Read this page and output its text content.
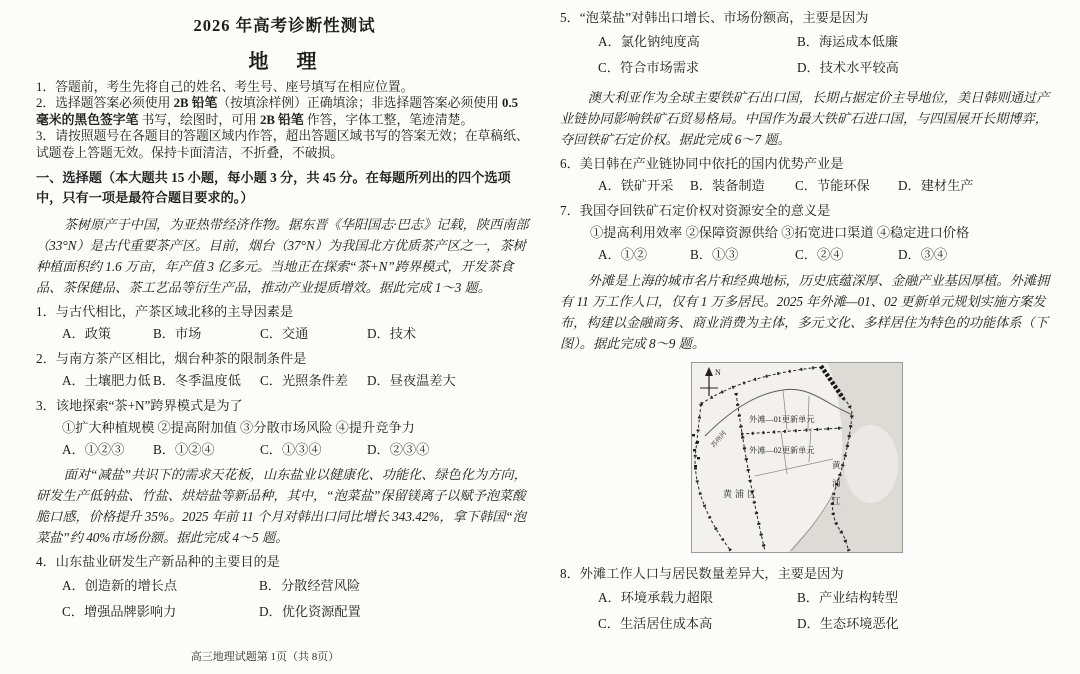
2026 年高考诊断性测试
地　理
1．答题前，考生先将自己的姓名、考生号、座号填写在相应位置。
2．选择题答案必须使用 2B 铅笔（按填涂样例）正确填涂；非选择题答案必须使用 0.5 毫米的黑色签字笔 书写，绘图时，可用 2B 铅笔 作答，字体工整，笔迹清楚。
3．请按照题号在各题目的答题区域内作答，超出答题区域书写的答案无效；在草稿纸、试题卷上答题无效。保持卡面清洁，不折叠，不破损。
一、选择题（本大题共 15 小题，每小题 3 分，共 45 分。在每题所列出的四个选项中，只有一项是最符合题目要求的。）
茶树原产于中国，为亚热带经济作物。据东晋《华阳国志·巴志》记载，陕西南部（33°N）是古代重要茶产区。目前，烟台（37°N）为我国北方优质茶产区之一，茶树种植面积约 1.6 万亩，年产值 3 亿多元。当地正在探索“茶+N”跨界模式，开发茶食品、茶保健品、茶工艺品等衍生产品，推动产业提质增效。据此完成 1～3 题。
1．与古代相比，产茶区域北移的主导因素是
A．政策	B．市场	C．交通	D．技术
2．与南方茶产区相比，烟台种茶的限制条件是
A．土壤肥力低 B．冬季温度低	C．光照条件差	D．昼夜温差大
3．该地探索“茶+N”跨界模式是为了
①扩大种植规模 ②提高附加值 ③分散市场风险 ④提升竞争力
A．①②③	B．①②④	C．①③④	D．②③④
面对“减盐”共识下的需求天花板，山东盐业以健康化、功能化、绿色化为方向，研发生产低钠盐、竹盐、烘焙盐等新品种，其中，“泡菜盐”保留镁离子以赋予泡菜酸脆口感，价格提升 35%。2025 年前 11 个月对韩出口同比增长 343.42%，拿下韩国“泡菜盐”约 40%市场份额。据此完成 4～5 题。
4．山东盐业研发生产新品种的主要目的是
A．创造新的增长点	B．分散经营风险
C．增强品牌影响力	D．优化资源配置
5．“泡菜盐”对韩出口增长、市场份额高，主要是因为
A．氯化钠纯度高	B．海运成本低廉
C．符合市场需求	D．技术水平较高
澳大利亚作为全球主要铁矿石出口国，长期占据定价主导地位，美日韩则通过产业链协同影响铁矿石贸易格局。中国作为最大铁矿石进口国，与四国展开长期博弈，夺回铁矿石定价权。据此完成 6～7 题。
6．美日韩在产业链协同中依托的国内优势产业是
A．铁矿开采	B．装备制造	C．节能环保	D．建材生产
7．我国夺回铁矿石定价权对资源安全的意义是
①提高利用效率 ②保障资源供给 ③拓宽进口渠道 ④稳定进口价格
A．①②	B．①③	C．②④	D．③④
外滩是上海的城市名片和经典地标，历史底蕴深厚、金融产业基因厚植。外滩拥有 11 万工作人口，仅有 1 万多居民。2025 年外滩—01、02 更新单元规划实施方案发布，构建以金融商务、商业消费为主体，多元文化、多样居住为特色的功能体系（下图）。据此完成 8～9 题。
N
外滩—01更新单元
外滩—02更新单元
黄浦区
黄
浦
江
苏州河
8．外滩工作人口与居民数量差异大，主要是因为
A．环境承载力超限	B．产业结构转型
C．生活居住成本高	D．生态环境恶化
高三地理试题第 1页（共 8页）
